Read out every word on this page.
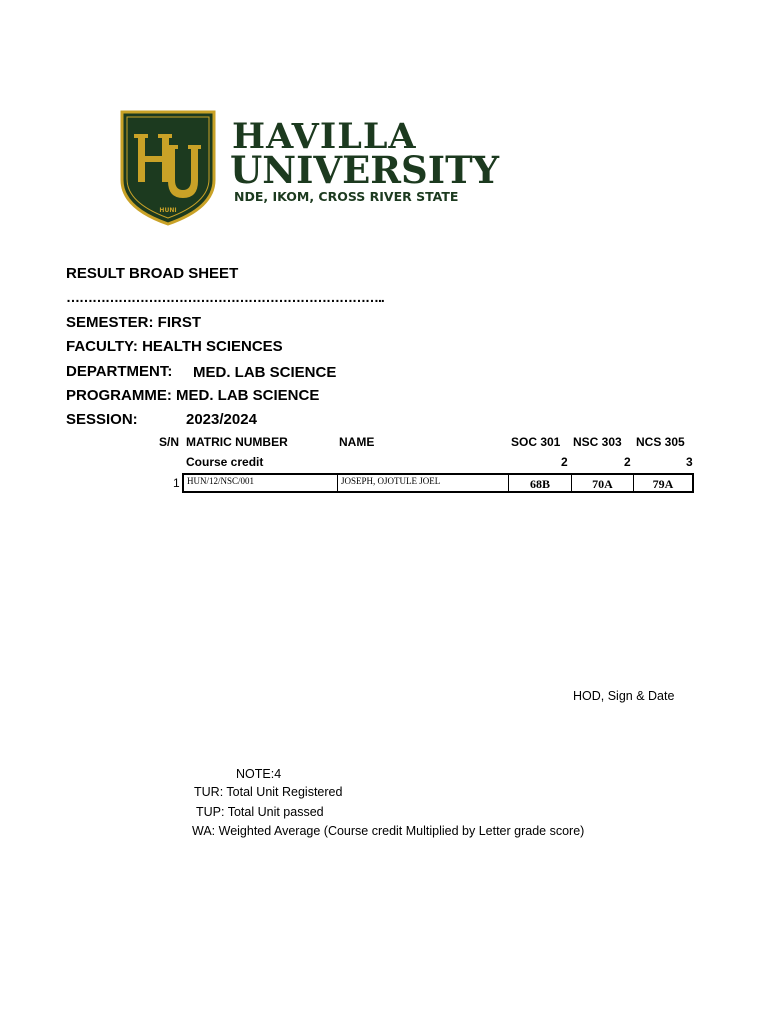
HUNI
HAVILLA
UNIVERSITY
NDE, IKOM, CROSS RIVER STATE
RESULT BROAD SHEET
………………………………………………………………..
SEMESTER: FIRST
FACULTY: HEALTH SCIENCES
DEPARTMENT: MED. LAB SCIENCE
PROGRAMME: MED. LAB SCIENCE
SESSION:	2023/2024
S/N MATRIC NUMBER	NAME	SOC 301 NSC 303 NCS 305
Course credit	2	2	3
1 HUN/12/NSC/001	JOSEPH, OJOTULE JOEL	68B	70A	79A
HOD, Sign & Date
NOTE:4
TUR: Total Unit Registered
TUP: Total Unit passed
WA: Weighted Average (Course credit Multiplied by Letter grade score)
